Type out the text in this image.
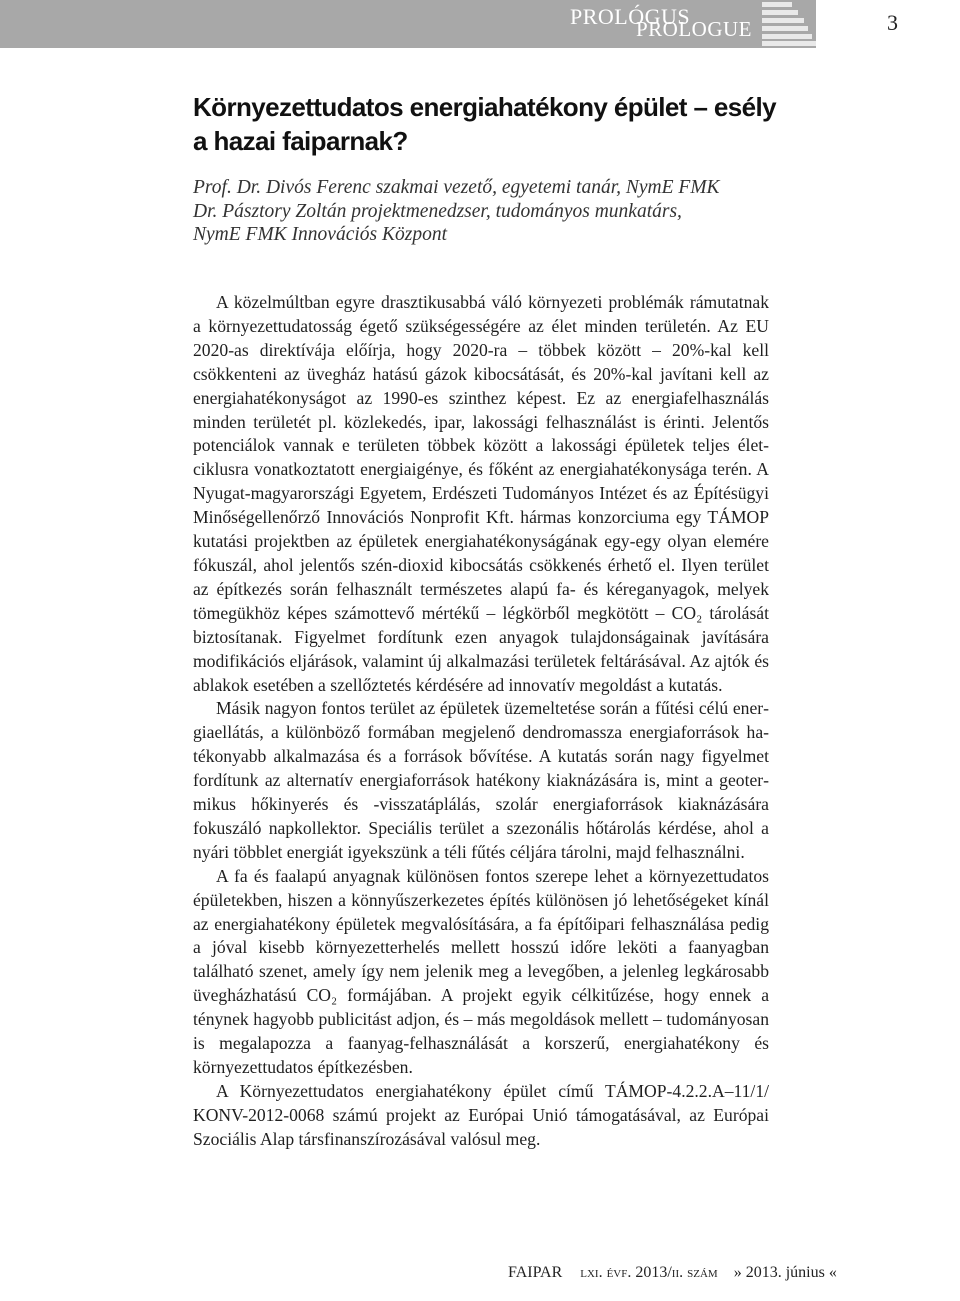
PROLÓGUS
PROLOGUE	3
Környezettudatos energiahatékony épület – esély a hazai faiparnak?
Prof. Dr. Divós Ferenc szakmai vezető, egyetemi tanár, NymE FMK
Dr. Pásztory Zoltán projektmenedzser, tudományos munkatárs,
NymE FMK Innovációs Központ

A közelmúltban egyre drasztikusabbá váló környezeti problémák rámutatnak a környezettudatosság égető szükségességére az élet minden területén. Az EU 2020-as direktívája előírja, hogy 2020-ra – többek között – 20%-kal kell csökkenteni az üvegház hatású gázok kibocsátását, és 20%-kal javítani kell az energiahatékonyságot az 1990-es szinthez képest. Ez az energiafelhasználás minden területét pl. közlekedés, ipar, lakossági felhasználást is érinti. Jelentős potenciálok vannak e területen többek között a lakossági épületek teljes életciklusra vonatkoztatott energiaigénye, és főként az energiahatékonysága terén. A Nyugat-magyarországi Egyetem, Erdészeti Tudományos Intézet és az Építésügyi Minőségellenőrző Innovációs Nonprofit Kft. hármas konzorciuma egy TÁMOP kutatási projektben az épületek energiahatékonyságának egy-egy olyan elemére fókuszál, ahol jelentős szén-dioxid kibocsátás csökkenés érhető el. Ilyen terület az építkezés során felhasznált természetes alapú fa- és kéreganyagok, melyek tömegükhöz képes számottevő mértékű – légkörből megkötött – CO₂ tárolását biztosítanak. Figyelmet fordítunk ezen anyagok tulajdonságainak javítására modifikációs eljárások, valamint új alkalmazási területek feltárásával. Az ajtók és ablakok esetében a szellőztetés kérdésére ad innovatív megoldást a kutatás.

Másik nagyon fontos terület az épületek üzemeltetése során a fűtési célú energiaellátás, a különböző formában megjelenő dendromassza energiaforrások hatékonyabb alkalmazása és a források bővítése. A kutatás során nagy figyelmet fordítunk az alternatív energiaforrások hatékony kiaknázására is, mint a geotermikus hőkinyerés és -visszatáplálás, szolár energiaforrások kiaknázására fokuszáló napkollektor. Speciális terület a szezonális hőtárolás kérdése, ahol a nyári többlet energiát igyekszünk a téli fűtés céljára tárolni, majd felhasználni.

A fa és faalapú anyagnak különösen fontos szerepe lehet a környezettudatos épületekben, hiszen a könnyűszerkezetes építés különösen jó lehetőségeket kínál az energiahatékony épületek megvalósítására, a fa építőipari felhasználása pedig a jóval kisebb környezetterhelés mellett hosszú időre leköti a faanyagban található szenet, amely így nem jelenik meg a levegőben, a jelenleg legkárosabb üvegházhatású CO₂ formájában. A projekt egyik célkitűzése, hogy ennek a ténynek hagyobb publicitást adjon, és – más megoldások mellett – tudományosan is megalapozza a faanyag-felhasználását a korszerű, energiahatékony és környezettudatos építkezésben.

A Környezettudatos energiahatékony épület című TÁMOP-4.2.2.A–11/1/ KONV-2012-0068 számú projekt az Európai Unió támogatásával, az Európai Szociális Alap társfinanszírozásával valósul meg.

FAIPAR lxi. évf. 2013/ii. szám » 2013. június «
